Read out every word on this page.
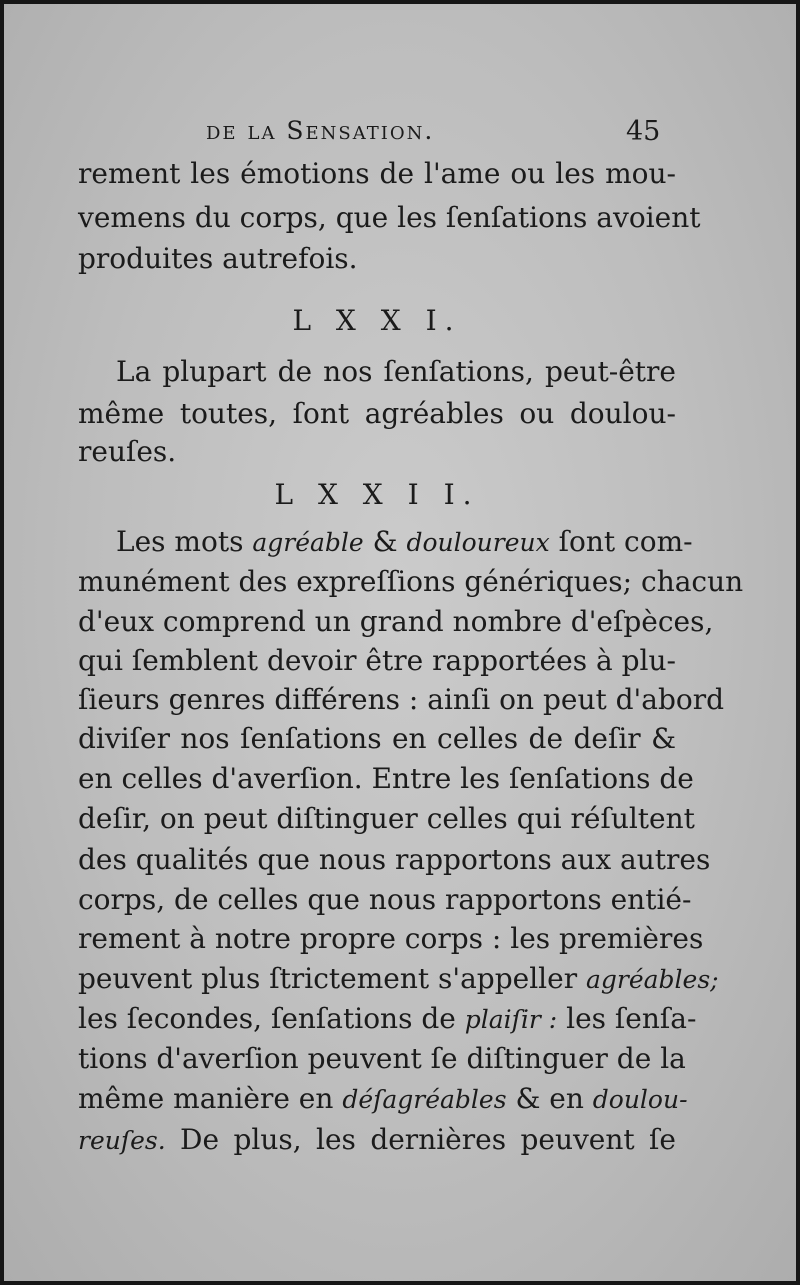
de la Sensation.	45
rement les émotions de l'ame ou les mou-
vemens du corps, que les ſenſations avoient
produites autrefois.
L X X I.
La plupart de nos ſenſations, peut-être
même toutes, ſont agréables ou doulou-
reuſes.
L X X I I.
Les mots agréable & douloureux ſont com-
munément des expreſſions génériques; chacun
d'eux comprend un grand nombre d'eſpèces,
qui ſemblent devoir être rapportées à plu-
ſieurs genres différens : ainſi on peut d'abord
diviſer nos ſenſations en celles de deſir &
en celles d'averſion. Entre les ſenſations de
deſir, on peut diſtinguer celles qui réſultent
des qualités que nous rapportons aux autres
corps, de celles que nous rapportons entié-
rement à notre propre corps : les premières
peuvent plus ſtrictement s'appeller agréables;
les ſecondes, ſenſations de plaiſir : les ſenſa-
tions d'averſion peuvent ſe diſtinguer de la
même manière en déſagréables & en doulou-
reuſes. De plus, les dernières peuvent ſe
